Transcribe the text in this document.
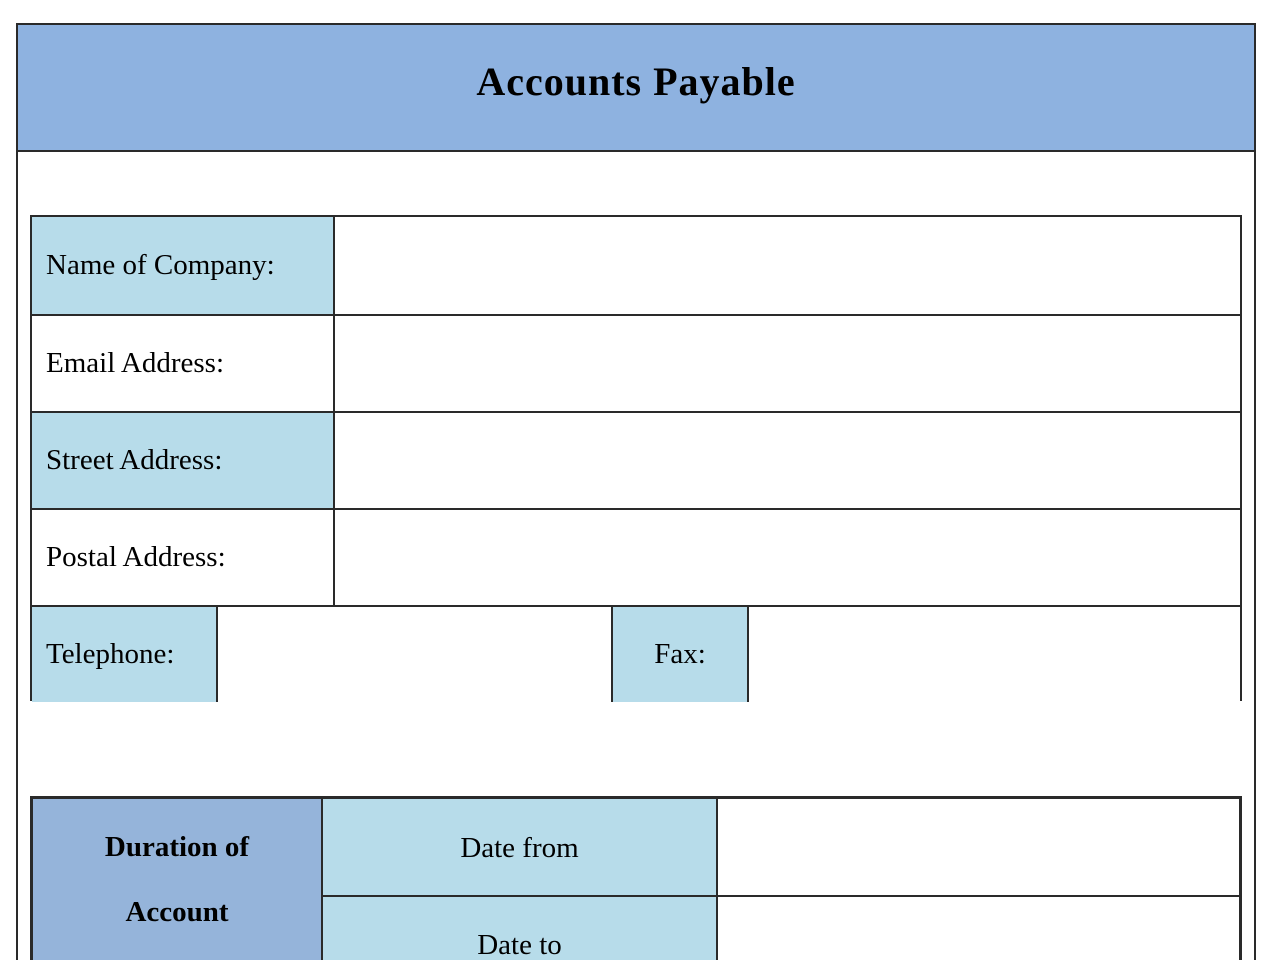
Accounts Payable
Name of Company:
Email Address:
Street Address:
Postal Address:
Telephone:	Fax:
Duration of
Account
Date from
Date to
